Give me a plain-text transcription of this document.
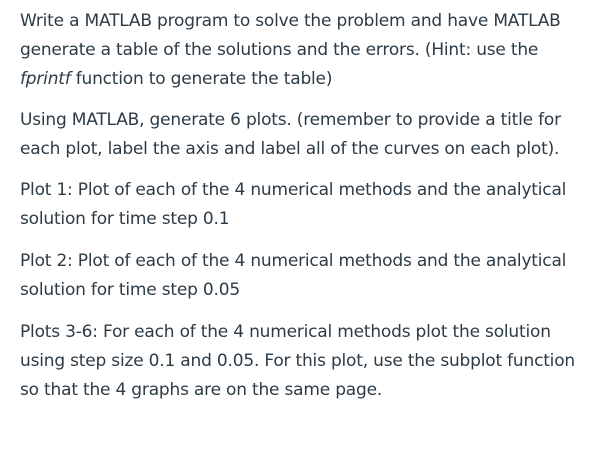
Write a MATLAB program to solve the problem and have MATLAB generate a table of the solutions and the errors. (Hint: use the fprintf function to generate the table)

Using MATLAB, generate 6 plots. (remember to provide a title for each plot, label the axis and label all of the curves on each plot).

Plot 1: Plot of each of the 4 numerical methods and the analytical solution for time step 0.1

Plot 2: Plot of each of the 4 numerical methods and the analytical solution for time step 0.05

Plots 3-6: For each of the 4 numerical methods plot the solution using step size 0.1 and 0.05. For this plot, use the subplot function so that the 4 graphs are on the same page.
